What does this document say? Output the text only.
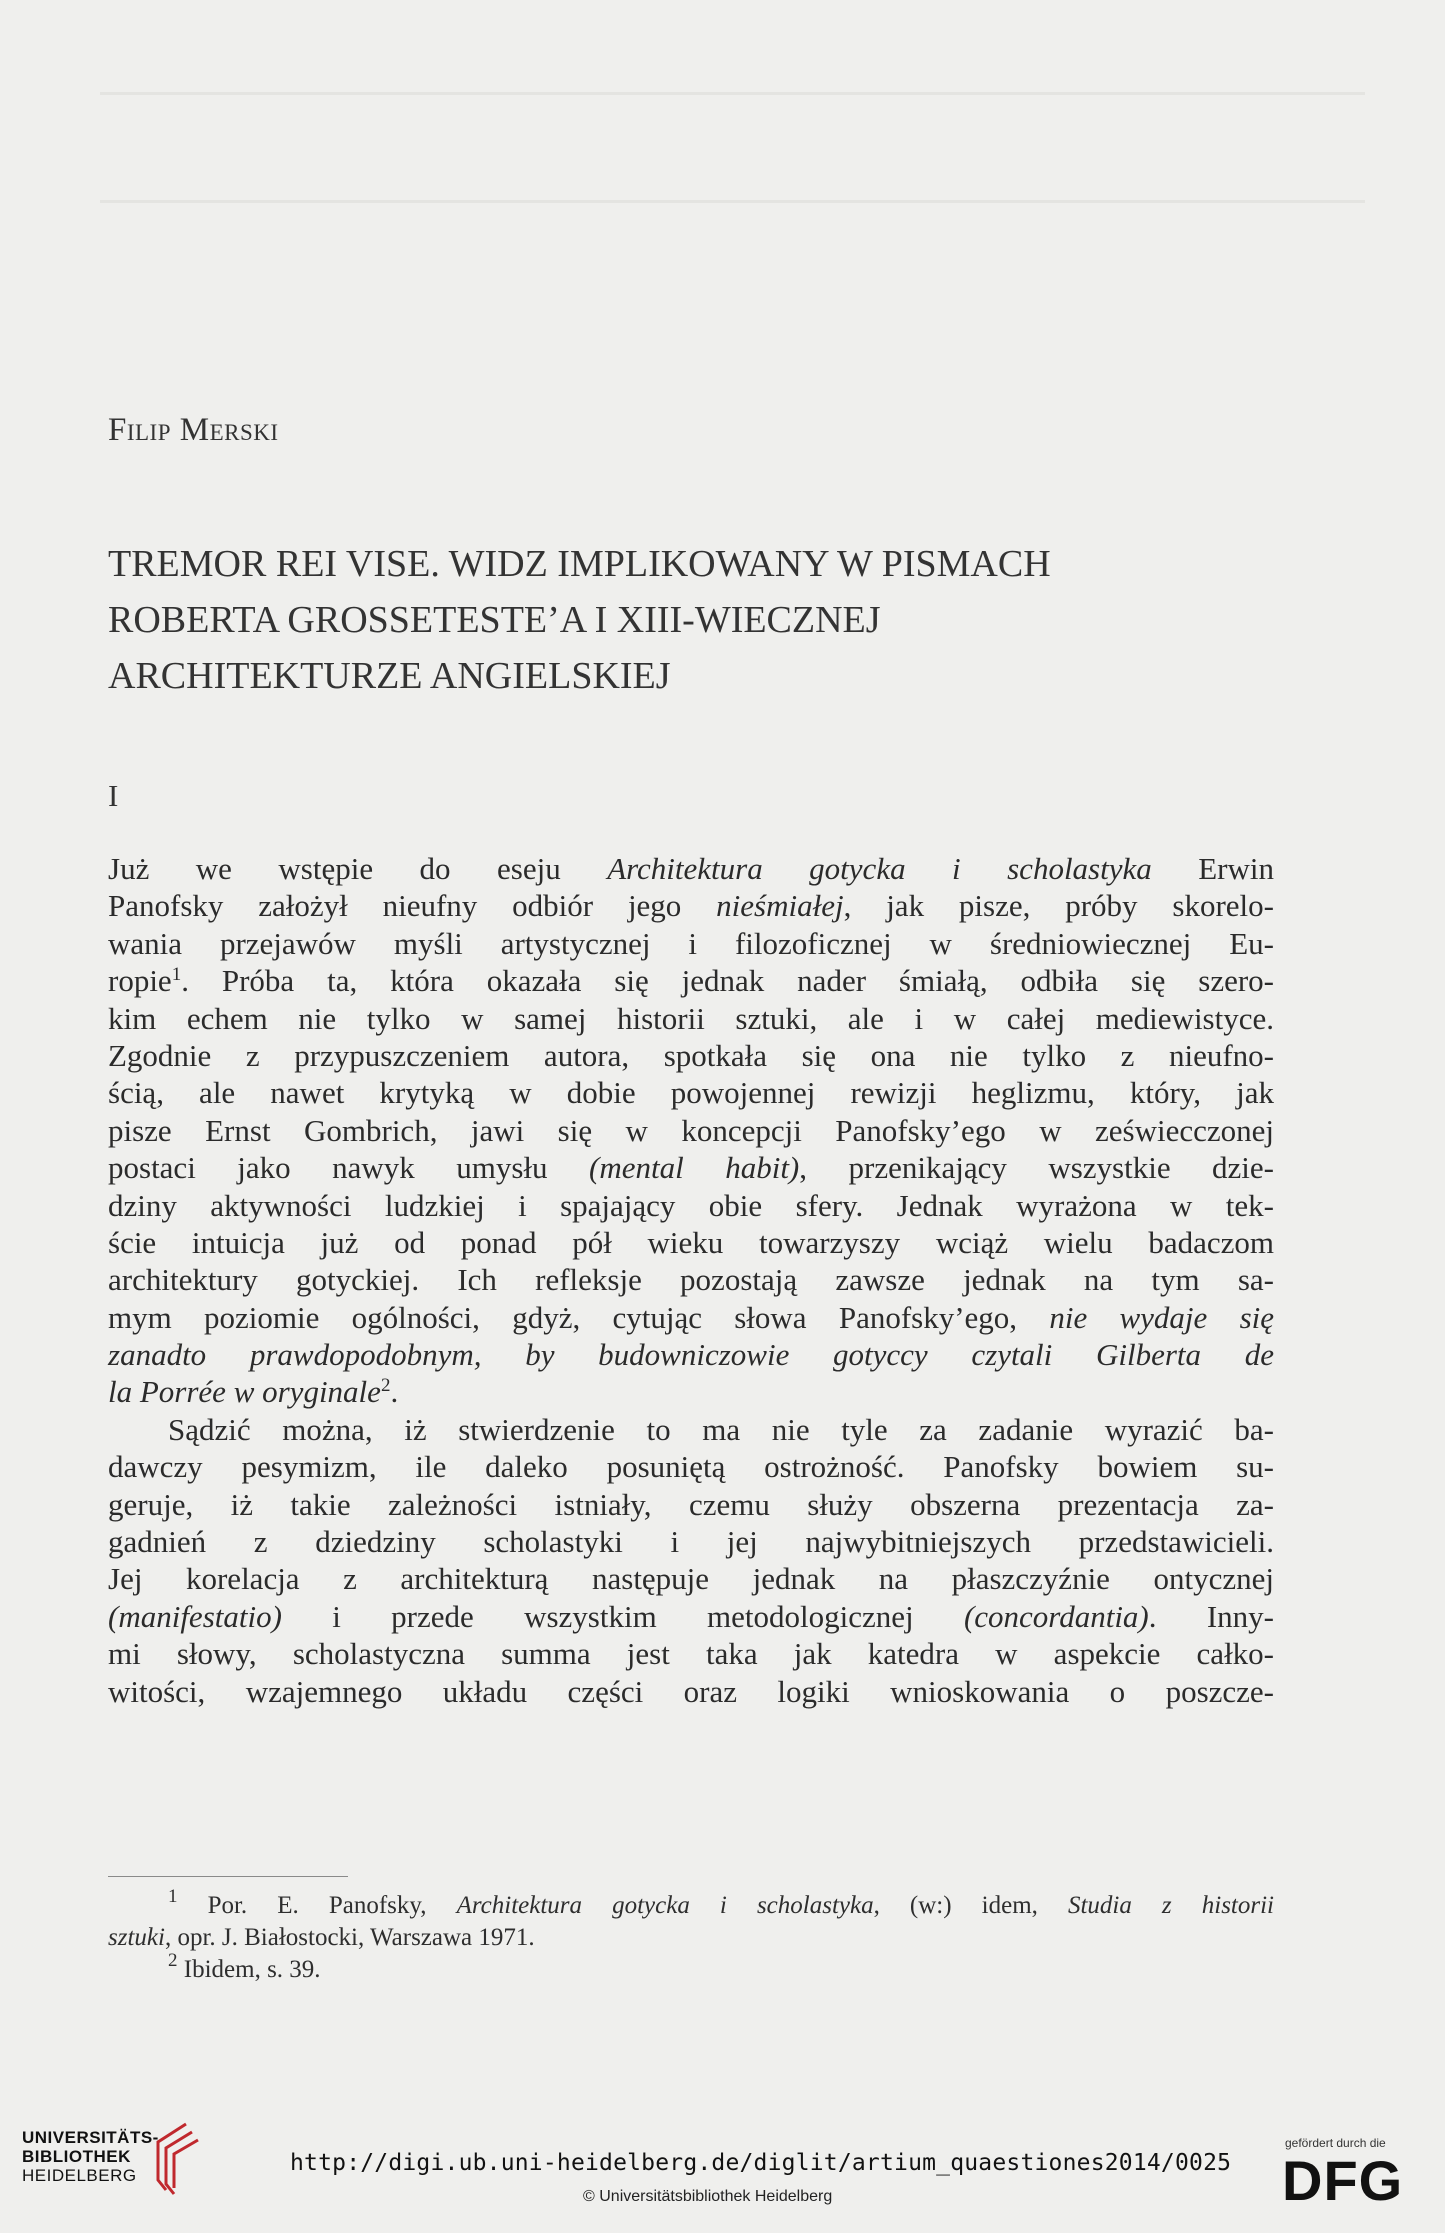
Filip Merski
TREMOR REI VISE. WIDZ IMPLIKOWANY W PISMACH
ROBERTA GROSSETESTE’A I XIII-WIECZNEJ
ARCHITEKTURZE ANGIELSKIEJ
I
Już we wstępie do eseju Architektura gotycka i scholastyka Erwin
Panofsky założył nieufny odbiór jego nieśmiałej, jak pisze, próby skorelo-
wania przejawów myśli artystycznej i filozoficznej w średniowiecznej Eu-
ropie$^1$. Próba ta, która okazała się jednak nader śmiałą, odbiła się szero-
kim echem nie tylko w samej historii sztuki, ale i w całej mediewistyce.
Zgodnie z przypuszczeniem autora, spotkała się ona nie tylko z nieufno-
ścią, ale nawet krytyką w dobie powojennej rewizji heglizmu, który, jak
pisze Ernst Gombrich, jawi się w koncepcji Panofsky’ego w zeświecczonej
postaci jako nawyk umysłu (mental habit), przenikający wszystkie dzie-
dziny aktywności ludzkiej i spajający obie sfery. Jednak wyrażona w tek-
ście intuicja już od ponad pół wieku towarzyszy wciąż wielu badaczom
architektury gotyckiej. Ich refleksje pozostają zawsze jednak na tym sa-
mym poziomie ogólności, gdyż, cytując słowa Panofsky’ego, nie wydaje się
zanadto prawdopodobnym, by budowniczowie gotyccy czytali Gilberta de
la Porrée w oryginale$^2$.
Sądzić można, iż stwierdzenie to ma nie tyle za zadanie wyrazić ba-
dawczy pesymizm, ile daleko posuniętą ostrożność. Panofsky bowiem su-
geruje, iż takie zależności istniały, czemu służy obszerna prezentacja za-
gadnień z dziedziny scholastyki i jej najwybitniejszych przedstawicieli.
Jej korelacja z architekturą następuje jednak na płaszczyźnie ontycznej
(manifestatio) i przede wszystkim metodologicznej (concordantia). Inny-
mi słowy, scholastyczna summa jest taka jak katedra w aspekcie całko-
witości, wzajemnego układu części oraz logiki wnioskowania o poszcze-
$^1$ Por. E. Panofsky, Architektura gotycka i scholastyka, (w:) idem, Studia z historii
sztuki, opr. J. Białostocki, Warszawa 1971.
$^2$ Ibidem, s. 39.
UNIVERSITÄTS-
BIBLIOTHEK
HEIDELBERG	http://digi.ub.uni-heidelberg.de/diglit/artium_quaestiones2014/0025
© Universitätsbibliothek Heidelberg
gefördert durch die
DFG
